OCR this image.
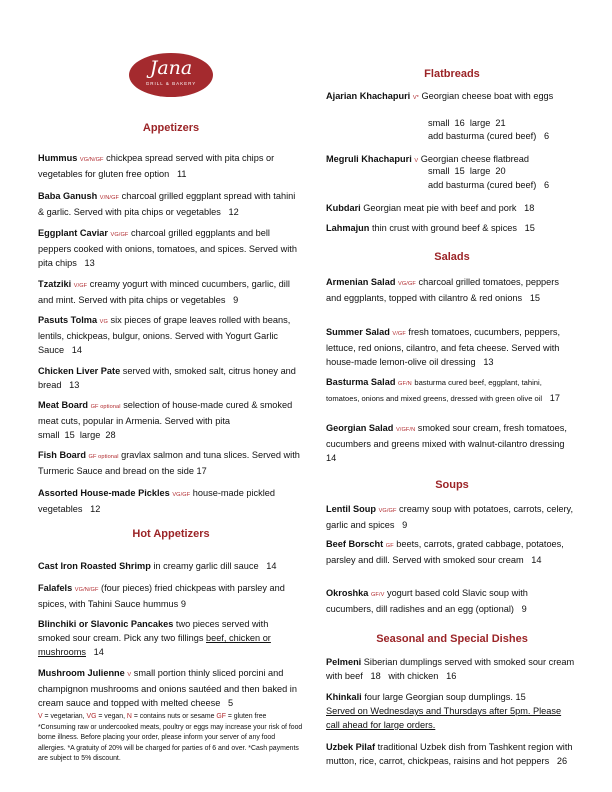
Jana
GRILL & BAKERY
Appetizers
Hummus VG/N/GF chickpea spread served with pita chips or vegetables for gluten free option 11
Baba Ganush V/N/GF charcoal grilled eggplant spread with tahini & garlic. Served with pita chips or vegetables 12
Eggplant Caviar VG/GF charcoal grilled eggplants and bell peppers cooked with onions, tomatoes, and spices. Served with pita chips 13
Tzatziki V/GF creamy yogurt with minced cucumbers, garlic, dill and mint. Served with pita chips or vegetables 9
Pasuts Tolma VG six pieces of grape leaves rolled with beans, lentils, chickpeas, bulgur, onions. Served with Yogurt Garlic Sauce 14
Chicken Liver Pate served with, smoked salt, citrus honey and bread 13
Meat Board GF optional selection of house-made cured & smoked meat cuts, popular in Armenia. Served with pita small  15  large  28
Fish Board GF optional gravlax salmon and tuna slices. Served with Turmeric Sauce and bread on the side 17
Assorted House-made Pickles VG/GF house-made pickled vegetables 12
Hot Appetizers
Cast Iron Roasted Shrimp in creamy garlic dill sauce 14
Falafels VG/N/GF (four pieces) fried chickpeas with parsley and spices, with Tahini Sauce hummus 9
Blinchiki or Slavonic Pancakes two pieces served with smoked sour cream. Pick any two fillings beef, chicken or mushrooms 14
Mushroom Julienne V small portion thinly sliced porcini and champignon mushrooms and onions sautéed and then baked in cream sauce and topped with melted cheese 5
V = vegetarian, VG = vegan, N = contains nuts or sesame GF = gluten free
*Consuming raw or undercooked meats, poultry or eggs may increase your risk of food borne illness. Before placing your order, please inform your server of any food allergies. *A gratuity of 20% will be charged for parties of 6 and over. *Cash payments are subject to 5% discount.
Flatbreads
Ajarian Khachapuri V* Georgian cheese boat with eggs
small  16  large  21
add basturma (cured beef) 6
Megruli Khachapuri V Georgian cheese flatbread
small  15  large  20
add basturma (cured beef) 6
Kubdari Georgian meat pie with beef and pork 18
Lahmajun thin crust with ground beef & spices 15
Salads
Armenian Salad VG/GF charcoal grilled tomatoes, peppers and eggplants, topped with cilantro & red onions 15
Summer Salad V/GF fresh tomatoes, cucumbers, peppers, lettuce, red onions, cilantro, and feta cheese. Served with house-made lemon-olive oil dressing 13
Basturma Salad GF/N basturma cured beef, eggplant, tahini, tomatoes, onions and mixed greens, dressed with green olive oil 17
Georgian Salad V/GF/N smoked sour cream, fresh tomatoes, cucumbers and greens mixed with walnut-cilantro dressing   14
Soups
Lentil Soup VG/GF creamy soup with potatoes, carrots, celery, garlic and spices 9
Beef Borscht GF beets, carrots, grated cabbage, potatoes, parsley and dill. Served with smoked sour cream 14
Okroshka GF/V yogurt based cold Slavic soup with cucumbers, dill radishes and an egg (optional) 9
Seasonal and Special Dishes
Pelmeni Siberian dumplings served with smoked sour cream with beef 18 with chicken 16
Khinkali four large Georgian soup dumplings. 15
Served on Wednesdays and Thursdays after 5pm. Please call ahead for large orders.
Uzbek Pilaf traditional Uzbek dish from Tashkent region with mutton, rice, carrot, chickpeas, raisins and hot peppers 26
